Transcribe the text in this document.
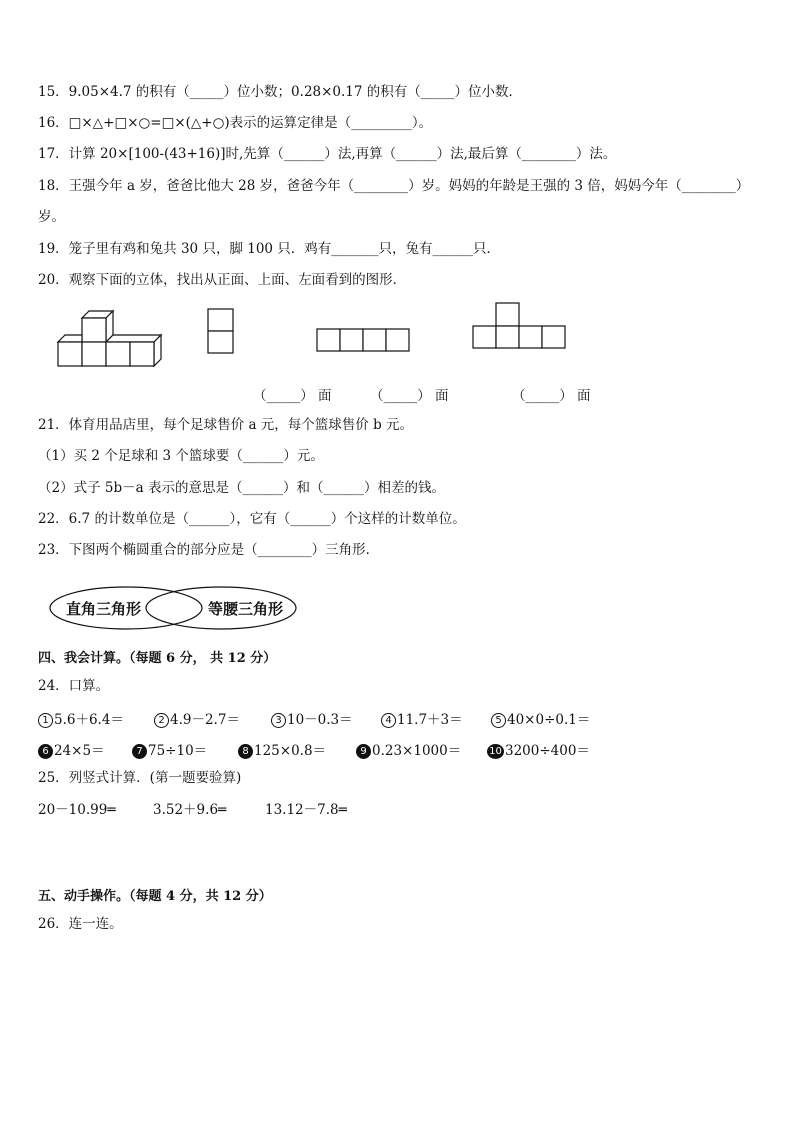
15．9.05×4.7 的积有（_____）位小数；0.28×0.17 的积有（_____）位小数．
16．□×△+□×○=□×(△+○)表示的运算定律是（_________）。
17．计算 20×[100-(43+16)]时,先算（______）法,再算（______）法,最后算（________）法。
18．王强今年 a 岁，爸爸比他大 28 岁，爸爸今年（________）岁。妈妈的年龄是王强的 3 倍，妈妈今年（________）
岁。
19．笼子里有鸡和兔共 30 只，脚 100 只．鸡有_______只，兔有______只．
20．观察下面的立体，找出从正面、上面、左面看到的图形．
（_____） 面	（_____） 面	（_____） 面
21．体育用品店里，每个足球售价 a 元，每个篮球售价 b 元。
（1）买 2 个足球和 3 个篮球要（______）元。
（2）式子 5b－a 表示的意思是（______）和（______）相差的钱。
22．6.7 的计数单位是（______），它有（______）个这样的计数单位。
23．下图两个椭圆重合的部分应是（________）三角形．
直角三角形	等腰三角形
四、我会计算。（每题 6 分， 共 12 分）
24．口算。
1 5.6＋6.4＝	2 4.9－2.7＝	3 10－0.3＝	4 11.7＋3＝	5 40×0÷0.1＝
6 24×5＝	7 75÷10＝	8 125×0.8＝	9 0.23×1000＝	10 3200÷400＝
25．列竖式计算．(第一题要验算)
20－10.99═	3.52＋9.6═	13.12－7.8═
五、动手操作。（每题 4 分，共 12 分）
26．连一连。
